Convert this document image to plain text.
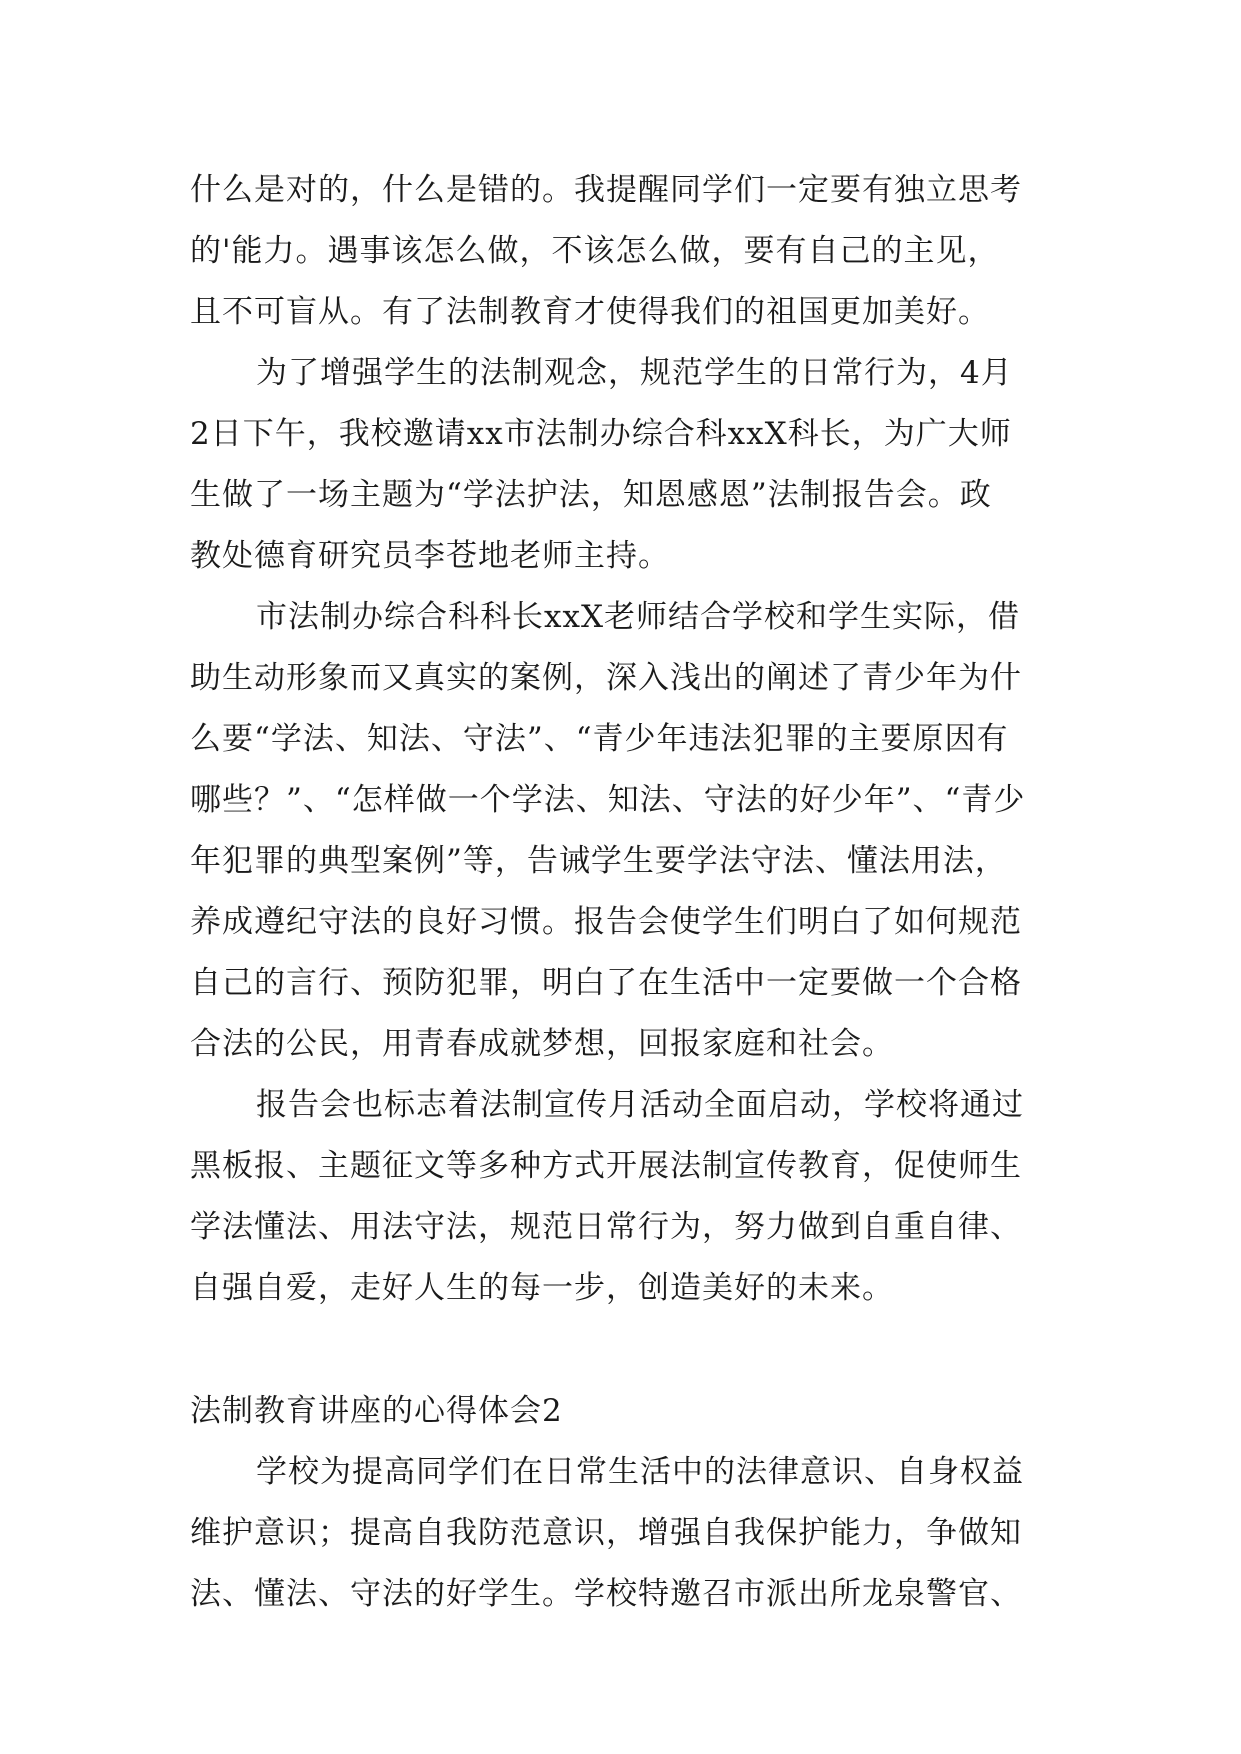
什么是对的，什么是错的。我提醒同学们一定要有独立思考
的'能力。遇事该怎么做，不该怎么做，要有自己的主见，
且不可盲从。有了法制教育才使得我们的祖国更加美好。
为了增强学生的法制观念，规范学生的日常行为，4月
2日下午，我校邀请xx市法制办综合科xxX科长，为广大师
生做了一场主题为“学法护法，知恩感恩”法制报告会。政
教处德育研究员李苍地老师主持。
市法制办综合科科长xxX老师结合学校和学生实际，借
助生动形象而又真实的案例，深入浅出的阐述了青少年为什
么要“学法、知法、守法”、“青少年违法犯罪的主要原因有
哪些？”、“怎样做一个学法、知法、守法的好少年”、“青少
年犯罪的典型案例”等，告诫学生要学法守法、懂法用法，
养成遵纪守法的良好习惯。报告会使学生们明白了如何规范
自己的言行、预防犯罪，明白了在生活中一定要做一个合格
合法的公民，用青春成就梦想，回报家庭和社会。
报告会也标志着法制宣传月活动全面启动，学校将通过
黑板报、主题征文等多种方式开展法制宣传教育，促使师生
学法懂法、用法守法，规范日常行为，努力做到自重自律、
自强自爱，走好人生的每一步，创造美好的未来。
法制教育讲座的心得体会2
学校为提高同学们在日常生活中的法律意识、自身权益
维护意识；提高自我防范意识，增强自我保护能力，争做知
法、懂法、守法的好学生。学校特邀召市派出所龙泉警官、
